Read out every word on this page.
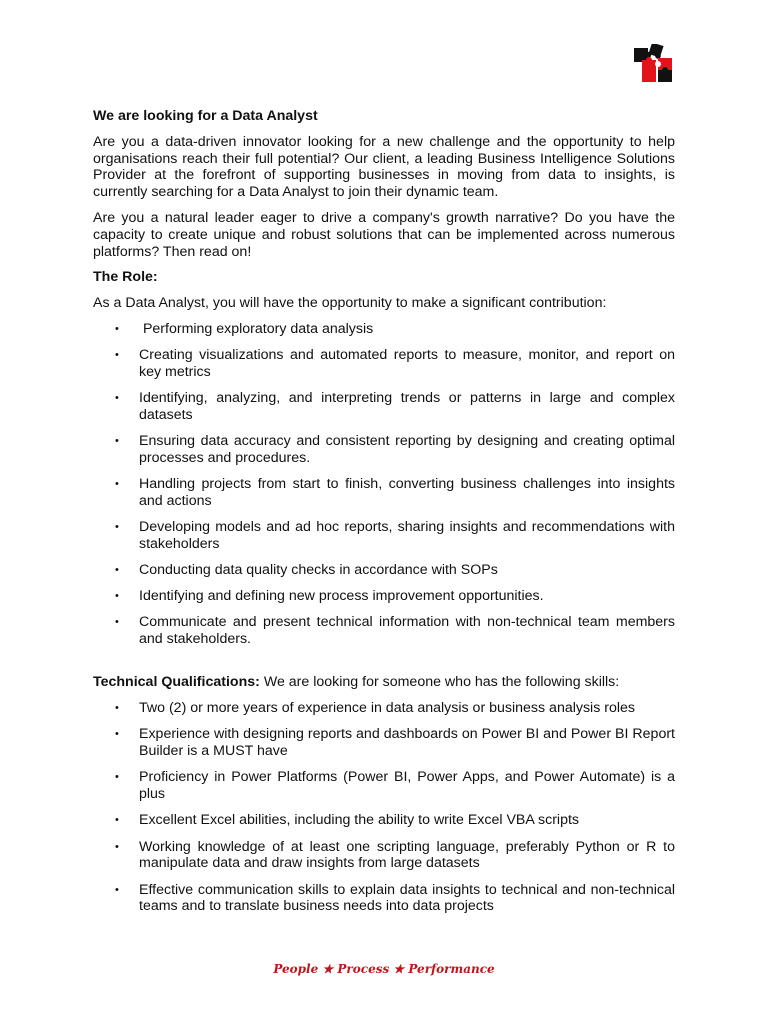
We are looking for a Data Analyst

Are you a data-driven innovator looking for a new challenge and the opportunity to help organisations reach their full potential? Our client, a leading Business Intelligence Solutions Provider at the forefront of supporting businesses in moving from data to insights, is currently searching for a Data Analyst to join their dynamic team.

Are you a natural leader eager to drive a company's growth narrative? Do you have the capacity to create unique and robust solutions that can be implemented across numerous platforms? Then read on!

The Role:

As a Data Analyst, you will have the opportunity to make a significant contribution:

• Performing exploratory data analysis
• Creating visualizations and automated reports to measure, monitor, and report on key metrics
• Identifying, analyzing, and interpreting trends or patterns in large and complex datasets
• Ensuring data accuracy and consistent reporting by designing and creating optimal processes and procedures.
• Handling projects from start to finish, converting business challenges into insights and actions
• Developing models and ad hoc reports, sharing insights and recommendations with stakeholders
• Conducting data quality checks in accordance with SOPs
• Identifying and defining new process improvement opportunities.
• Communicate and present technical information with non-technical team members and stakeholders.

Technical Qualifications: We are looking for someone who has the following skills:

• Two (2) or more years of experience in data analysis or business analysis roles
• Experience with designing reports and dashboards on Power BI and Power BI Report Builder is a MUST have
• Proficiency in Power Platforms (Power BI, Power Apps, and Power Automate) is a plus
• Excellent Excel abilities, including the ability to write Excel VBA scripts
• Working knowledge of at least one scripting language, preferably Python or R to manipulate data and draw insights from large datasets
• Effective communication skills to explain data insights to technical and non-technical teams and to translate business needs into data projects
People ★ Process ★ Performance
